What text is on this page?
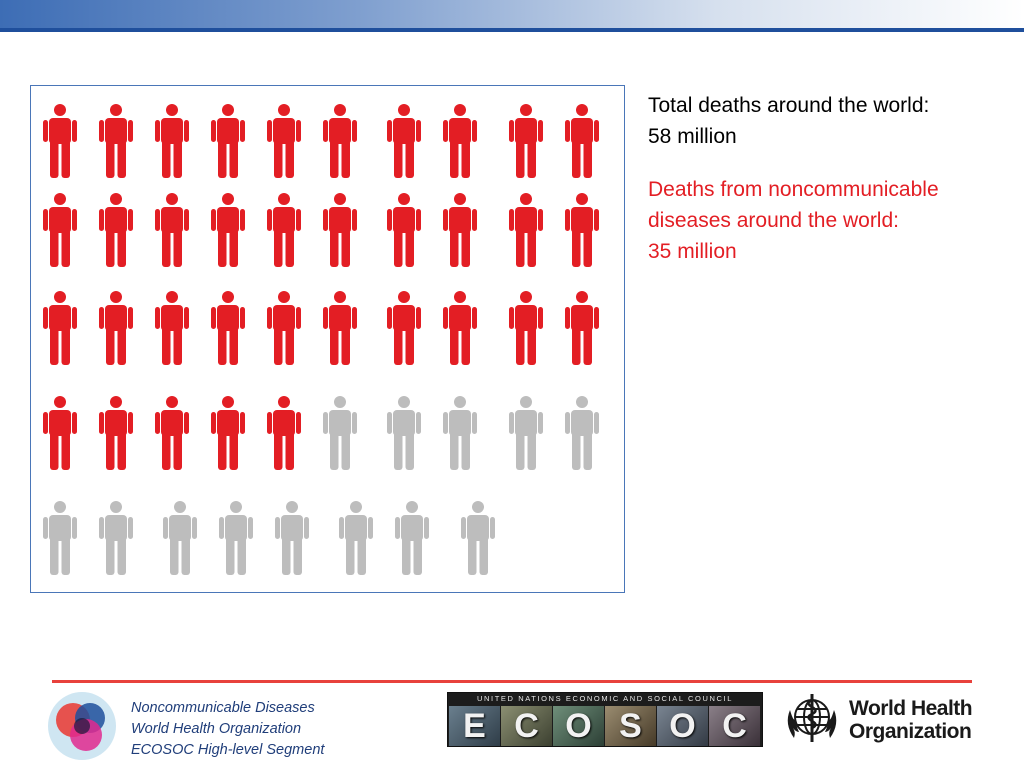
Total deaths around the world:
58 million

Deaths from noncommunicable
diseases around the world:
35 million

Noncommunicable Diseases
World Health Organization
ECOSOC High-level Segment
UNITED NATIONS ECONOMIC AND SOCIAL COUNCIL
E C O S O C	World Health
Organization
